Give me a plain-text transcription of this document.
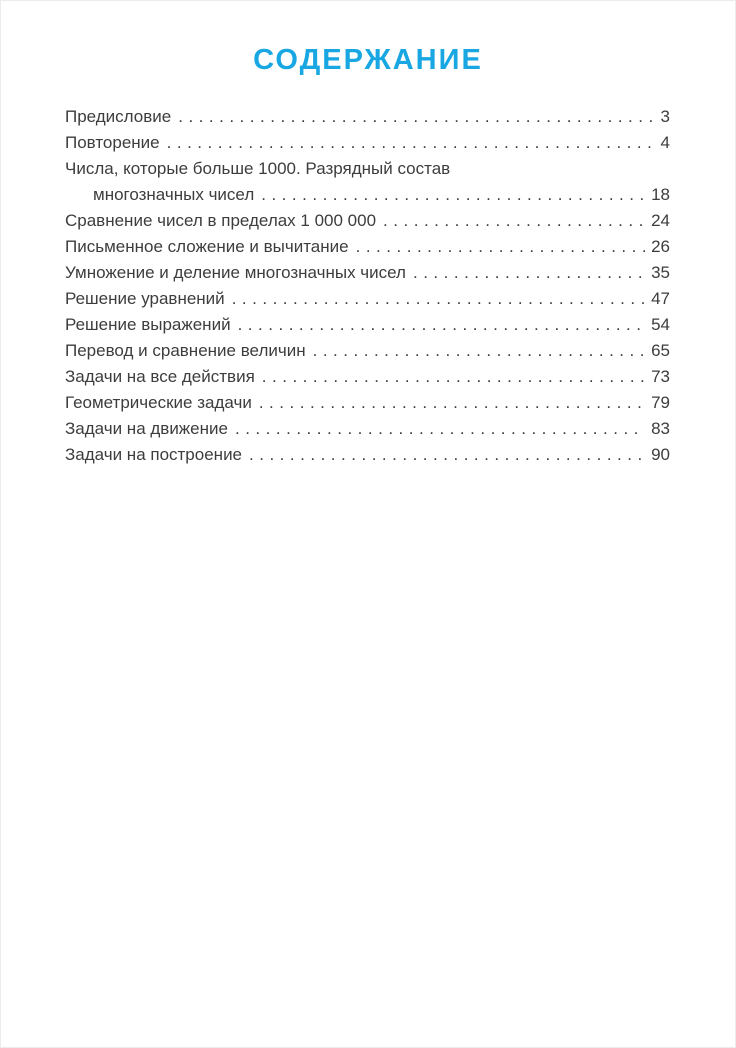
СОДЕРЖАНИЕ
Предисловие .....	3
Повторение .....	4
Числа, которые больше 1000. Разрядный состав
многозначных чисел .....	18
Сравнение чисел в пределах 1 000 000 .....	24
Письменное сложение и вычитание .....	26
Умножение и деление многозначных чисел .....	35
Решение уравнений .....	47
Решение выражений .....	54
Перевод и сравнение величин .....	65
Задачи на все действия .....	73
Геометрические задачи .....	79
Задачи на движение .....	83
Задачи на построение .....	90
